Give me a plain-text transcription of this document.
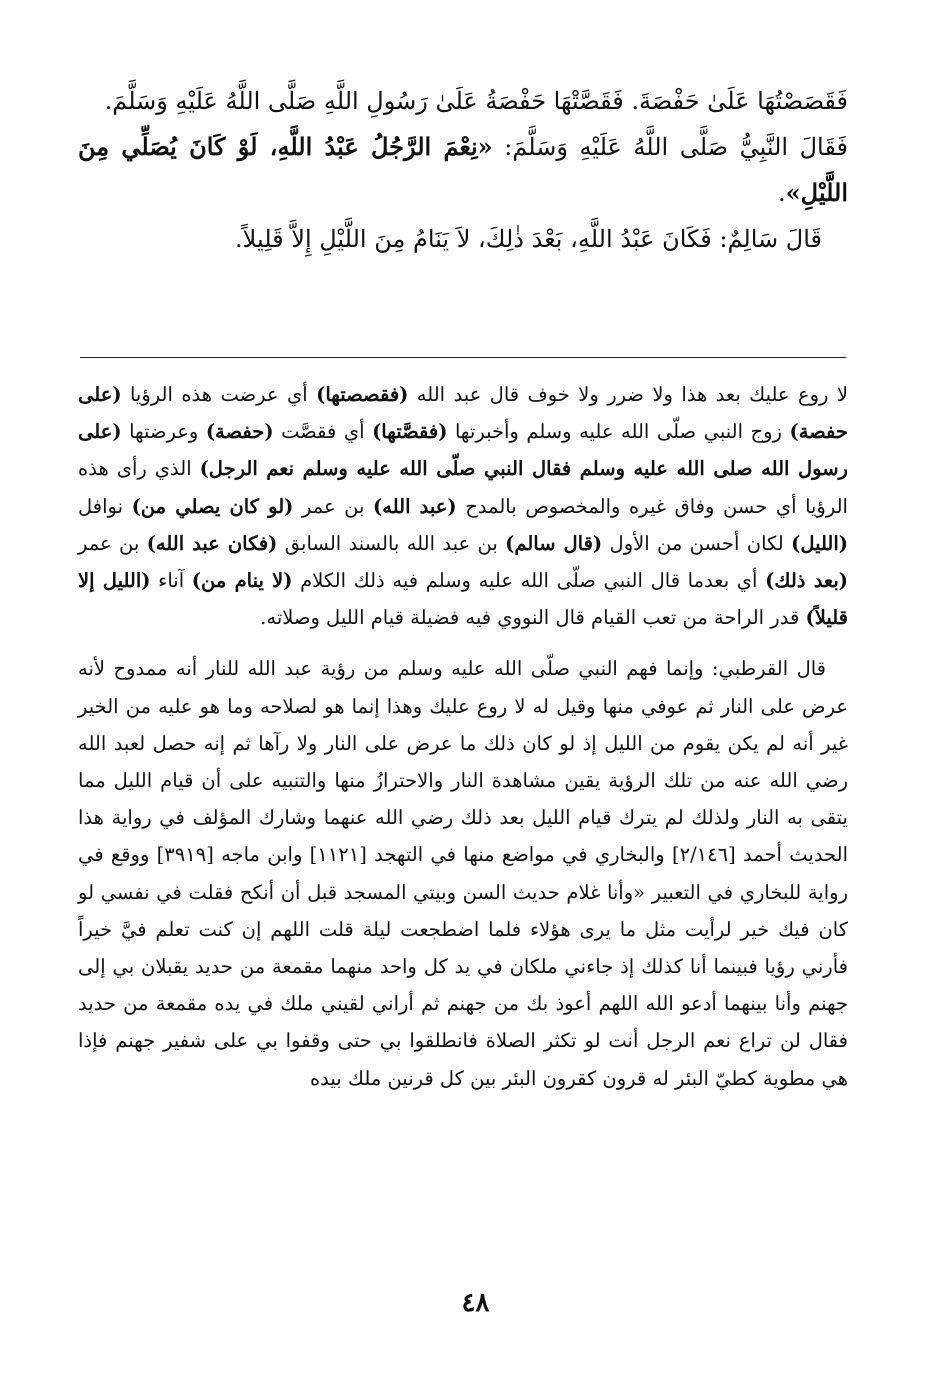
فَقَصَصْتُهَا عَلَىٰ حَفْصَةَ. فَقَصَّتْهَا حَفْصَةُ عَلَىٰ رَسُولِ اللَّهِ صَلَّى اللَّهُ عَلَيْهِ وَسَلَّمَ.

فَقَالَ النَّبِيُّ صَلَّى اللَّهُ عَلَيْهِ وَسَلَّمَ: «نِعْمَ الرَّجُلُ عَبْدُ اللَّهِ، لَوْ كَانَ يُصَلِّي مِنَ اللَّيْلِ».

قَالَ سَالِمٌ: فَكَانَ عَبْدُ اللَّهِ، بَعْدَ ذٰلِكَ، لاَ يَنَامُ مِنَ اللَّيْلِ إِلاَّ قَلِيلاً.

لا روع عليك بعد هذا ولا ضرر ولا خوف قال عبد الله (فقصصتها) أي عرضت هذه الرؤيا (على حفصة) زوج النبي صلّى الله عليه وسلم وأخبرتها (فقصَّتها) أي فقصَّت (حفصة) وعرضتها (على رسول الله صلى الله عليه وسلم فقال النبي صلّى الله عليه وسلم نعم الرجل) الذي رأى هذه الرؤيا أي حسن وفاق غيره والمخصوص بالمدح (عبد الله) بن عمر (لو كان يصلي من) نوافل (الليل) لكان أحسن من الأول (قال سالم) بن عبد الله بالسند السابق (فكان عبد الله) بن عمر (بعد ذلك) أي بعدما قال النبي صلّى الله عليه وسلم فيه ذلك الكلام (لا ينام من) آناء (الليل إلا قليلاً) قدر الراحة من تعب القيام قال النووي فيه فضيلة قيام الليل وصلاته.

قال القرطبي: وإنما فهم النبي صلّى الله عليه وسلم من رؤية عبد الله للنار أنه ممدوح لأنه عرض على النار ثم عوفي منها وقيل له لا روع عليك وهذا إنما هو لصلاحه وما هو عليه من الخير غير أنه لم يكن يقوم من الليل إذ لو كان ذلك ما عرض على النار ولا رآها ثم إنه حصل لعبد الله رضي الله عنه من تلك الرؤية يقين مشاهدة النار والاحترازُ منها والتنبيه على أن قيام الليل مما يتقى به النار ولذلك لم يترك قيام الليل بعد ذلك رضي الله عنهما وشارك المؤلف في رواية هذا الحديث أحمد [٢/١٤٦] والبخاري في مواضع منها في التهجد [١١٢١] وابن ماجه [٣٩١٩] ووقع في رواية للبخاري في التعبير «وأنا غلام حديث السن وبيتي المسجد قبل أن أنكح فقلت في نفسي لو كان فيك خير لرأيت مثل ما يرى هؤلاء فلما اضطجعت ليلة قلت اللهم إن كنت تعلم فيَّ خيراً فأرني رؤيا فبينما أنا كذلك إذ جاءني ملكان في يد كل واحد منهما مقمعة من حديد يقبلان بي إلى جهنم وأنا بينهما أدعو الله اللهم أعوذ بك من جهنم ثم أراني لقيني ملك في يده مقمعة من حديد فقال لن تراع نعم الرجل أنت لو تكثر الصلاة فانطلقوا بي حتى وقفوا بي على شفير جهنم فإذا هي مطوية كطيّ البئر له قرون كقرون البئر بين كل قرنين ملك بيده

٤٨
